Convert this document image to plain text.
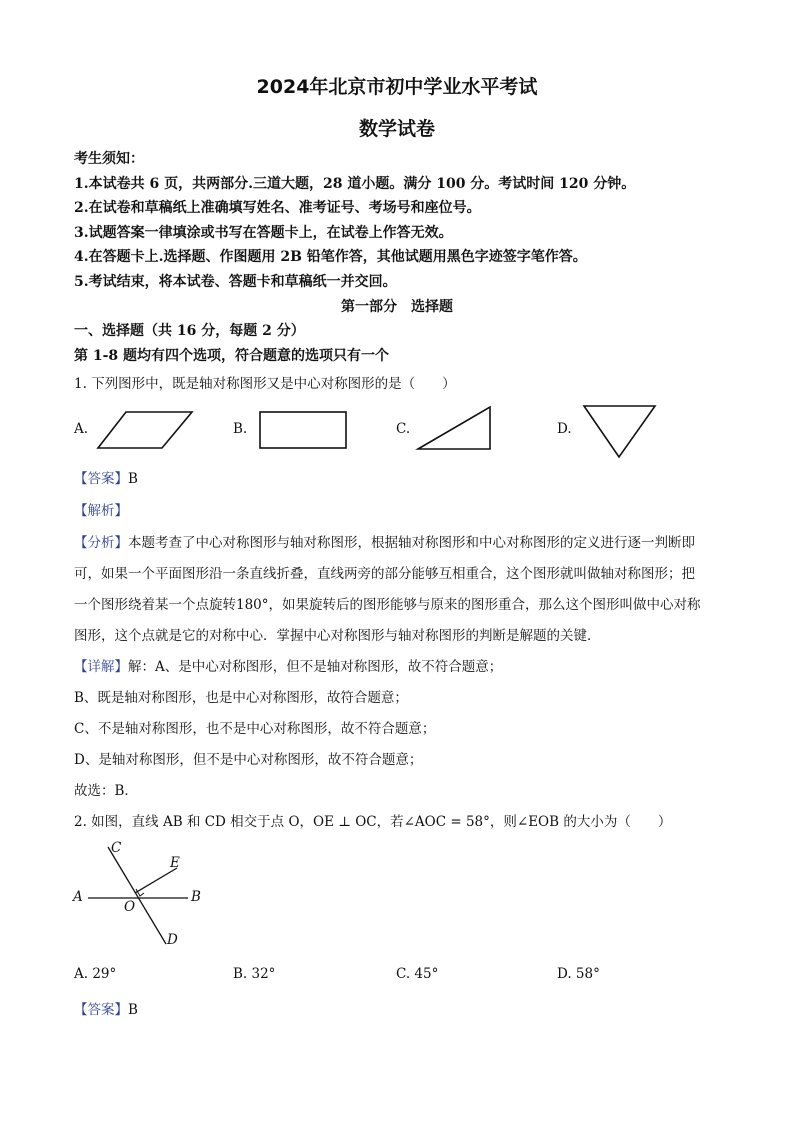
2024年北京市初中学业水平考试
数学试卷
考生须知：
1.本试卷共 6 页，共两部分.三道大题，28 道小题。满分 100 分。考试时间 120 分钟。
2.在试卷和草稿纸上准确填写姓名、准考证号、考场号和座位号。
3.试题答案一律填涂或书写在答题卡上，在试卷上作答无效。
4.在答题卡上.选择题、作图题用 2B 铅笔作答，其他试题用黑色字迹签字笔作答。
5.考试结束，将本试卷、答题卡和草稿纸一并交回。
第一部分　选择题
一、选择题（共 16 分，每题 2 分）
第 1-8 题均有四个选项，符合题意的选项只有一个
1. 下列图形中，既是轴对称图形又是中心对称图形的是（　　）
A.	B.	C.	D.
【答案】B
【解析】
【分析】本题考查了中心对称图形与轴对称图形，根据轴对称图形和中心对称图形的定义进行逐一判断即
可，如果一个平面图形沿一条直线折叠，直线两旁的部分能够互相重合，这个图形就叫做轴对称图形；把
一个图形绕着某一个点旋转180°，如果旋转后的图形能够与原来的图形重合，那么这个图形叫做中心对称
图形，这个点就是它的对称中心．掌握中心对称图形与轴对称图形的判断是解题的关键．
【详解】解：A、是中心对称图形，但不是轴对称图形，故不符合题意；
B、既是轴对称图形，也是中心对称图形，故符合题意；
C、不是轴对称图形，也不是中心对称图形，故不符合题意；
D、是轴对称图形，但不是中心对称图形，故不符合题意；
故选：B．
2. 如图，直线 AB 和 CD 相交于点 O，OE ⊥ OC，若∠AOC = 58°，则∠EOB 的大小为（　　）
C
E
A
O
B
D
A. 29°	B. 32°	C. 45°	D. 58°
【答案】B
